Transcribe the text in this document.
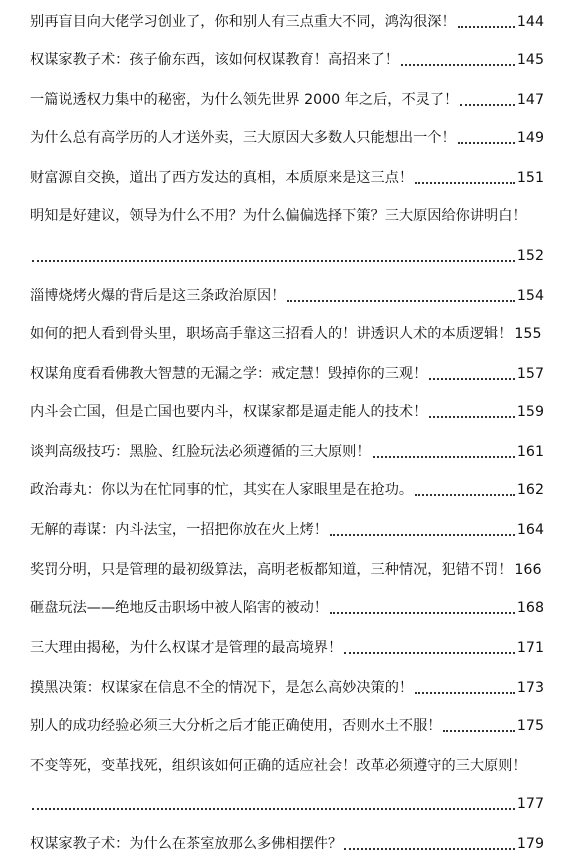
别再盲目向大佬学习创业了，你和别人有三点重大不同，鸿沟很深！	144
权谋家教子术：孩子偷东西，该如何权谋教育！高招来了！	145
一篇说透权力集中的秘密，为什么领先世界 2000 年之后，不灵了！	147
为什么总有高学历的人才送外卖，三大原因大多数人只能想出一个！	149
财富源自交换，道出了西方发达的真相，本质原来是这三点！	151
明知是好建议，领导为什么不用？为什么偏偏选择下策？三大原因给你讲明白！
152
淄博烧烤火爆的背后是这三条政治原因！	154
如何的把人看到骨头里，职场高手靠这三招看人的！讲透识人术的本质逻辑！ 155
权谋角度看看佛教大智慧的无漏之学：戒定慧！毁掉你的三观！	157
内斗会亡国，但是亡国也要内斗，权谋家都是逼走能人的技术！	159
谈判高级技巧：黑脸、红脸玩法必须遵循的三大原则！	161
政治毒丸：你以为在忙同事的忙，其实在人家眼里是在抢功。	162
无解的毒谋：内斗法宝，一招把你放在火上烤！	164
奖罚分明，只是管理的最初级算法，高明老板都知道，三种情况，犯错不罚！ 166
砸盘玩法——绝地反击职场中被人陷害的被动！	168
三大理由揭秘，为什么权谋才是管理的最高境界！	171
摸黑决策：权谋家在信息不全的情况下，是怎么高妙决策的！	173
别人的成功经验必须三大分析之后才能正确使用，否则水土不服！	175
不变等死，变革找死，组织该如何正确的适应社会！改革必须遵守的三大原则！
177
权谋家教子术：为什么在茶室放那么多佛相摆件？	179
